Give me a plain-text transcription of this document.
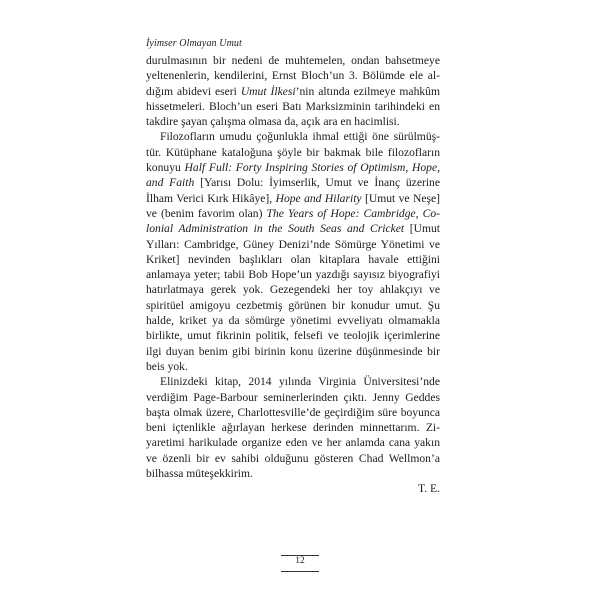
İyimser Olmayan Umut

durulmasının bir nedeni de muhtemelen, ondan bahsetmeye yeltenenlerin, kendilerini, Ernst Bloch’un 3. Bölümde ele al-dığım abidevi eseri Umut İlkesi’nin altında ezilmeye mahkûm hissetmeleri. Bloch’un eseri Batı Marksizminin tarihindeki en takdire şayan çalışma olmasa da, açık ara en hacimlisi.

Filozofların umudu çoğunlukla ihmal ettiği öne sürülmüş-tür. Kütüphane kataloğuna şöyle bir bakmak bile filozofların konuyu Half Full: Forty Inspiring Stories of Optimism, Hope, and Faith [Yarısı Dolu: İyimserlik, Umut ve İnanç üzerine İlham Verici Kırk Hikâye], Hope and Hilarity [Umut ve Neşe] ve (benim favorim olan) The Years of Hope: Cambridge, Co-lonial Administration in the South Seas and Cricket [Umut Yılları: Cambridge, Güney Denizi’nde Sömürge Yönetimi ve Kriket] nevinden başlıkları olan kitaplara havale ettiğini anlamaya yeter; tabii Bob Hope’un yazdığı sayısız biyografiyi hatırlatmaya gerek yok. Gezegendeki her toy ahlakçıyı ve spiritüel amigoyu cezbetmiş görünen bir konudur umut. Şu halde, kriket ya da sömürge yönetimi evveliyatı olmamakla birlikte, umut fikrinin politik, felsefi ve teolojik içerimlerine ilgi duyan benim gibi birinin konu üzerine düşünmesinde bir beis yok.

Elinizdeki kitap, 2014 yılında Virginia Üniversitesi’nde verdiğim Page-Barbour seminerlerinden çıktı. Jenny Geddes başta olmak üzere, Charlottesville’de geçirdiğim süre boyunca beni içtenlikle ağırlayan herkese derinden minnettarım. Zi-yaretimi harikulade organize eden ve her anlamda cana yakın ve özenli bir ev sahibi olduğunu gösteren Chad Wellmon’a bilhassa müteşekkirim.

T. E.

12
